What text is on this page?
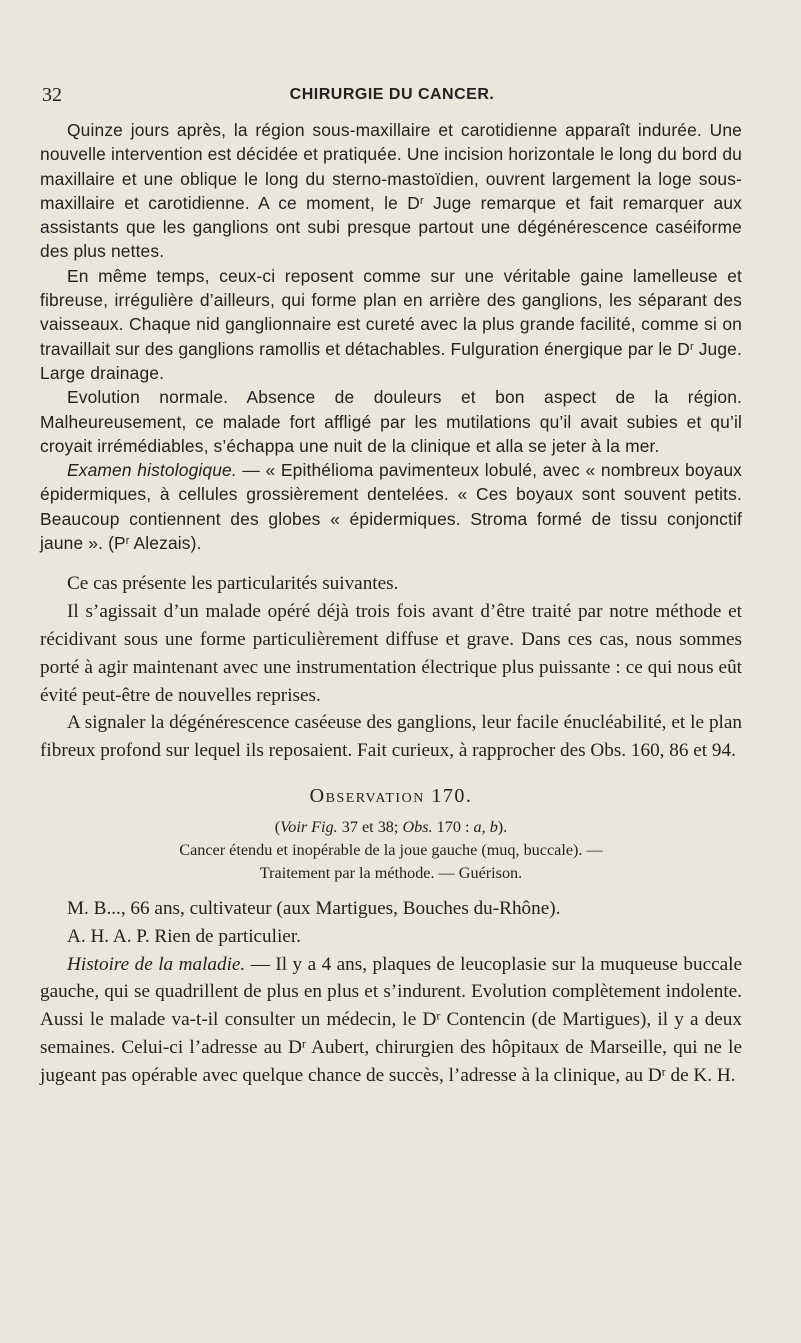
32	CHIRURGIE DU CANCER.

Quinze jours après, la région sous-maxillaire et carotidienne apparaît indurée. Une nouvelle intervention est décidée et pratiquée. Une incision horizontale le long du bord du maxillaire et une oblique le long du sterno-mastoïdien, ouvrent largement la loge sous-maxillaire et carotidienne. A ce moment, le $D^r$ Juge remarque et fait remarquer aux assistants que les ganglions ont subi presque partout une dégénérescence caséiforme des plus nettes.

En même temps, ceux-ci reposent comme sur une véritable gaine lamelleuse et fibreuse, irrégulière d’ailleurs, qui forme plan en arrière des ganglions, les séparant des vaisseaux. Chaque nid ganglionnaire est cureté avec la plus grande facilité, comme si on travaillait sur des ganglions ramollis et détachables. Fulguration énergique par le $D^r$ Juge. Large drainage.

Evolution normale. Absence de douleurs et bon aspect de la région. Malheureusement, ce malade fort affligé par les mutilations qu’il avait subies et qu’il croyait irrémédiables, s’échappa une nuit de la clinique et alla se jeter à la mer.

Examen histologique. — « Epithélioma pavimenteux lobulé, avec « nombreux boyaux épidermiques, à cellules grossièrement dentelées. « Ces boyaux sont souvent petits. Beaucoup contiennent des globes « épidermiques. Stroma formé de tissu conjonctif jaune ». ($P^r$ Alezais).

Ce cas présente les particularités suivantes.

Il s’agissait d’un malade opéré déjà trois fois avant d’être traité par notre méthode et récidivant sous une forme particulièrement diffuse et grave. Dans ces cas, nous sommes porté à agir maintenant avec une instrumentation électrique plus puissante : ce qui nous eût évité peut-être de nouvelles reprises.

A signaler la dégénérescence caséeuse des ganglions, leur facile énucléabilité, et le plan fibreux profond sur lequel ils reposaient. Fait curieux, à rapprocher des Obs. 160, 86 et 94.

Observation 170.

(Voir Fig. 37 et 38; Obs. 170 : a, b).

Cancer étendu et inopérable de la joue gauche (muq, buccale). —

Traitement par la méthode. — Guérison.

M. B..., 66 ans, cultivateur (aux Martigues, Bouches du-Rhône).

A. H. A. P. Rien de particulier.

Histoire de la maladie. — Il y a 4 ans, plaques de leucoplasie sur la muqueuse buccale gauche, qui se quadrillent de plus en plus et s’indurent. Evolution complètement indolente. Aussi le malade va-t-il consulter un médecin, le $D^r$ Contencin (de Martigues), il y a deux semaines. Celui-ci l’adresse au $D^r$ Aubert, chirurgien des hôpitaux de Marseille, qui ne le jugeant pas opérable avec quelque chance de succès, l’adresse à la clinique, au $D^r$ de K. H.
